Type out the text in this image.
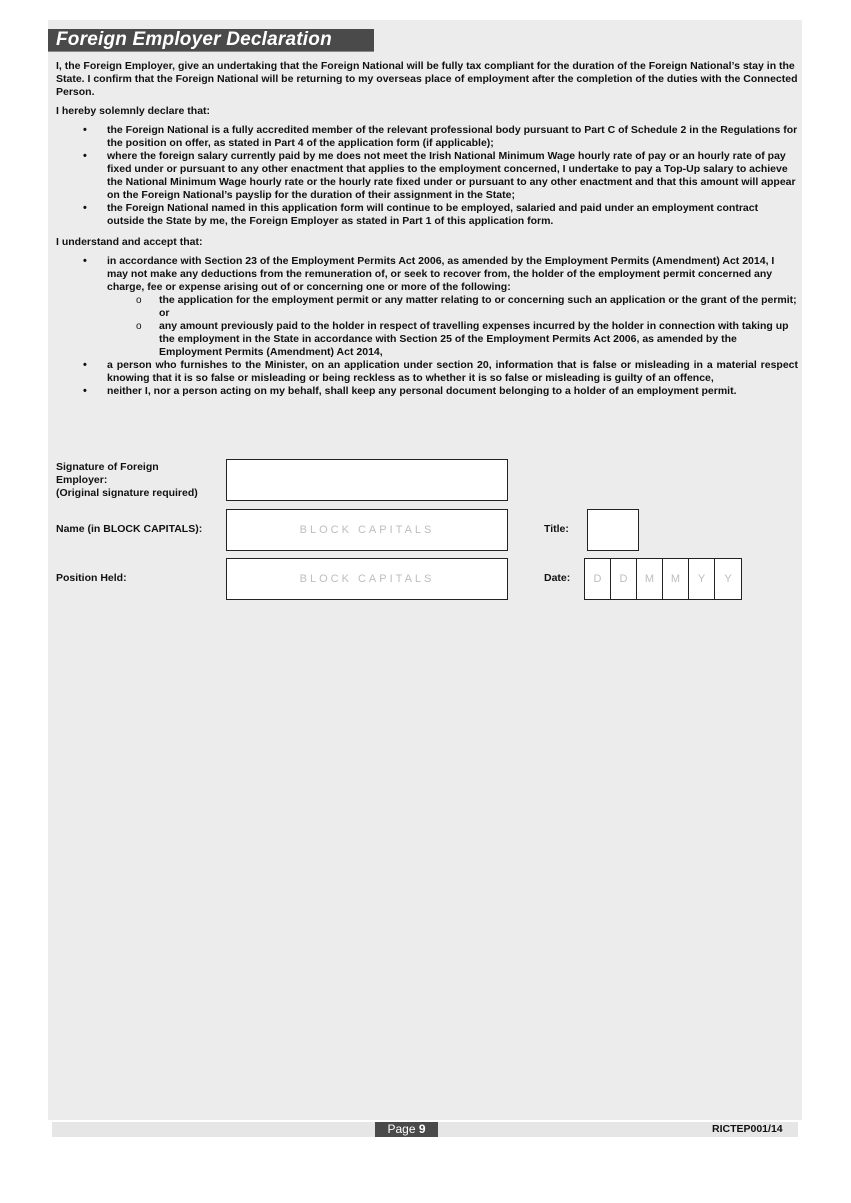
Foreign Employer Declaration

I, the Foreign Employer, give an undertaking that the Foreign National will be fully tax compliant for the duration of the Foreign National’s stay in the State. I confirm that the Foreign National will be returning to my overseas place of employment after the completion of the duties with the Connected Person.

I hereby solemnly declare that:

• the Foreign National is a fully accredited member of the relevant professional body pursuant to Part C of Schedule 2 in the Regulations for the position on offer, as stated in Part 4 of the application form (if applicable);
• where the foreign salary currently paid by me does not meet the Irish National Minimum Wage hourly rate of pay or an hourly rate of pay fixed under or pursuant to any other enactment that applies to the employment concerned, I undertake to pay a Top-Up salary to achieve the National Minimum Wage hourly rate or the hourly rate fixed under or pursuant to any other enactment and that this amount will appear on the Foreign National’s payslip for the duration of their assignment in the State;
• the Foreign National named in this application form will continue to be employed, salaried and paid under an employment contract outside the State by me, the Foreign Employer as stated in Part 1 of this application form.

I understand and accept that:

• in accordance with Section 23 of the Employment Permits Act 2006, as amended by the Employment Permits (Amendment) Act 2014, I may not make any deductions from the remuneration of, or seek to recover from, the holder of the employment permit concerned any charge, fee or expense arising out of or concerning one or more of the following:
o the application for the employment permit or any matter relating to or concerning such an application or the grant of the permit; or
o any amount previously paid to the holder in respect of travelling expenses incurred by the holder in connection with taking up the employment in the State in accordance with Section 25 of the Employment Permits Act 2006, as amended by the Employment Permits (Amendment) Act 2014,
• a person who furnishes to the Minister, on an application under section 20, information that is false or misleading in a material respect knowing that it is so false or misleading or being reckless as to whether it is so false or misleading is guilty of an offence,
• neither I, nor a person acting on my behalf, shall keep any personal document belonging to a holder of an employment permit.
Signature of Foreign
Employer:
(Original signature required)
Name (in BLOCK CAPITALS):	BLOCK CAPITALS	Title:
Position Held:	BLOCK CAPITALS	Date:	D	D	M	M	Y	Y
Page 9	RICTEP001/14
